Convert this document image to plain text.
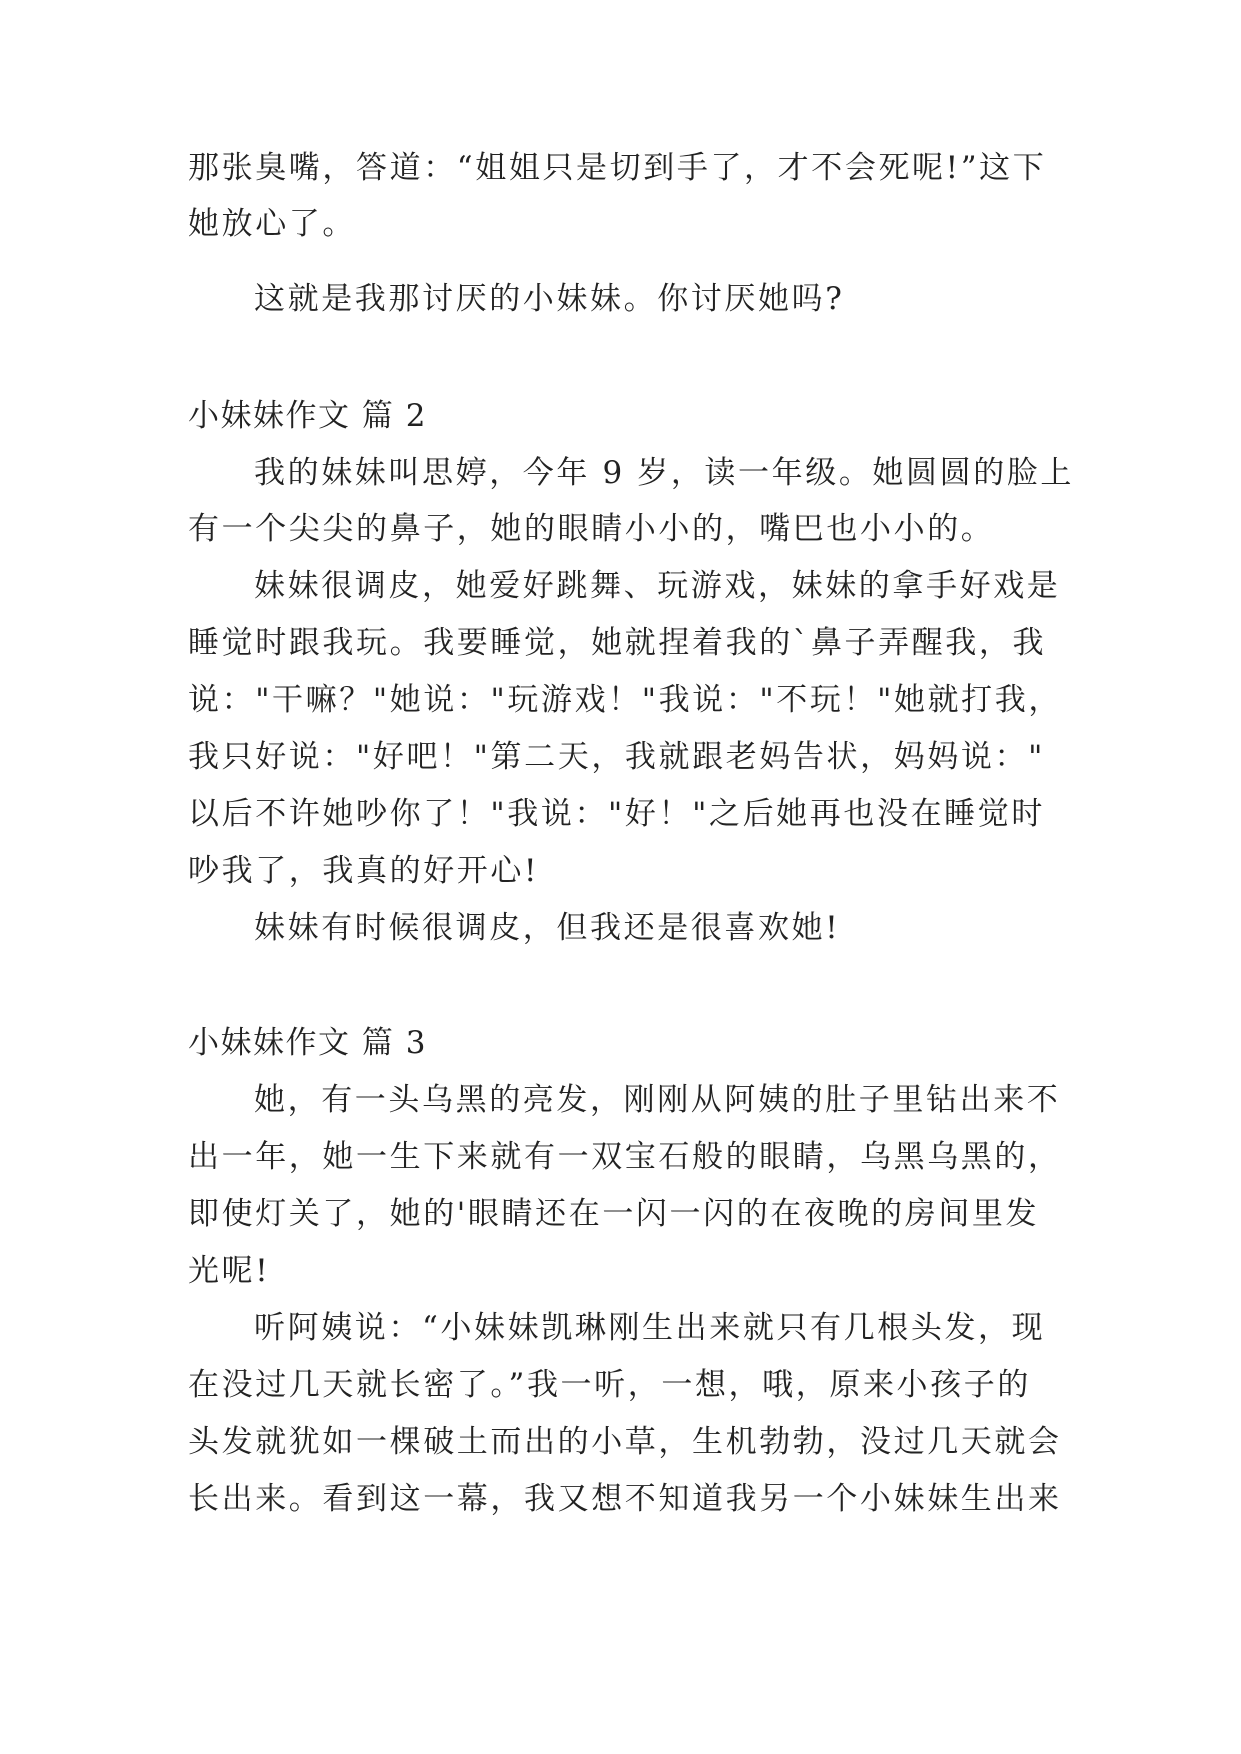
那张臭嘴，答道：“姐姐只是切到手了，才不会死呢!”这下
她放心了。
这就是我那讨厌的小妹妹。你讨厌她吗?
小妹妹作文 篇 2
我的妹妹叫思婷，今年 9 岁，读一年级。她圆圆的脸上
有一个尖尖的鼻子，她的眼睛小小的，嘴巴也小小的。
妹妹很调皮，她爱好跳舞、玩游戏，妹妹的拿手好戏是
睡觉时跟我玩。我要睡觉，她就捏着我的`鼻子弄醒我，我
说："干嘛？"她说："玩游戏！"我说："不玩！"她就打我，
我只好说："好吧！"第二天，我就跟老妈告状，妈妈说："
以后不许她吵你了！"我说："好！"之后她再也没在睡觉时
吵我了，我真的好开心!
妹妹有时候很调皮，但我还是很喜欢她!
小妹妹作文 篇 3
她，有一头乌黑的亮发，刚刚从阿姨的肚子里钻出来不
出一年，她一生下来就有一双宝石般的眼睛，乌黑乌黑的，
即使灯关了，她的'眼睛还在一闪一闪的在夜晚的房间里发
光呢!
听阿姨说：“小妹妹凯琳刚生出来就只有几根头发，现
在没过几天就长密了。”我一听，一想，哦，原来小孩子的
头发就犹如一棵破土而出的小草，生机勃勃，没过几天就会
长出来。看到这一幕，我又想不知道我另一个小妹妹生出来
